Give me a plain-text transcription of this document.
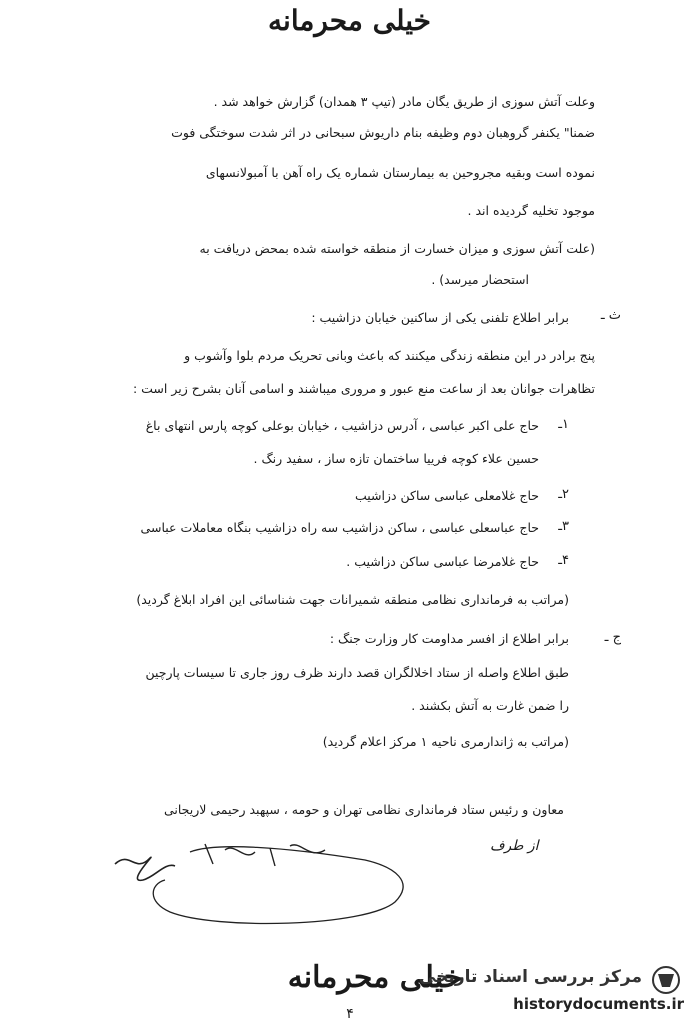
خیلی محرمانه
وعلت آتش سوزی از طریق یگان مادر (تیپ ۳ همدان) گزارش خواهد شد .
ضمنا" یکنفر گروهبان دوم وظیفه بنام داریوش سبحانی در اثر شدت سوختگی فوت
نموده است وبقیه مجروحین به بیمارستان شماره یک راه آهن با آمبولانسهای
موجود تخلیه گردیده اند .
(علت آتش سوزی و میزان خسارت از منطقه خواسته شده بمحض دریافت به
استحضار میرسد) .
ث ـ
برابر اطلاع تلفنی یکی از ساکنین خیابان دزاشیب :
پنج برادر در این منطقه زندگی میکنند که باعث وبانی تحریک مردم بلوا وآشوب و
تظاهرات جوانان بعد از ساعت منع عبور و مروری میباشند و اسامی آنان بشرح زیر است :
۱ـ
حاج علی اکبر عباسی ، آدرس دزاشیب ، خیابان بوعلی کوچه پارس انتهای باغ
حسین علاء کوچه فرییا ساختمان تازه ساز ، سفید رنگ .
۲ـ
حاج غلامعلی عباسی ساکن دزاشیب
۳ـ
حاج عباسعلی عباسی ، ساکن دزاشیب سه راه دزاشیب بنگاه معاملات عباسی
۴ـ
حاج غلامرضا عباسی ساکن دزاشیب .
(مراتب به فرمانداری نظامی منطقه شمیرانات جهت شناسائی این افراد ابلاغ گردید)
ج ـ
برابر اطلاع از افسر مداومت کار وزارت جنگ :
طبق اطلاع واصله از ستاد اخلالگران قصد دارند ظرف روز جاری تا سیسات پارچین
را ضمن غارت به آتش بکشند .
(مراتب به ژاندارمری ناحیه ۱ مرکز اعلام گردید)
معاون و رئیس ستاد فرمانداری نظامی تهران و حومه ، سپهبد رحیمی لاریجانی
از طرف
خیلی محرمانه
۴
مرکز بررسی اسناد تاریخی
historydocuments.ir
